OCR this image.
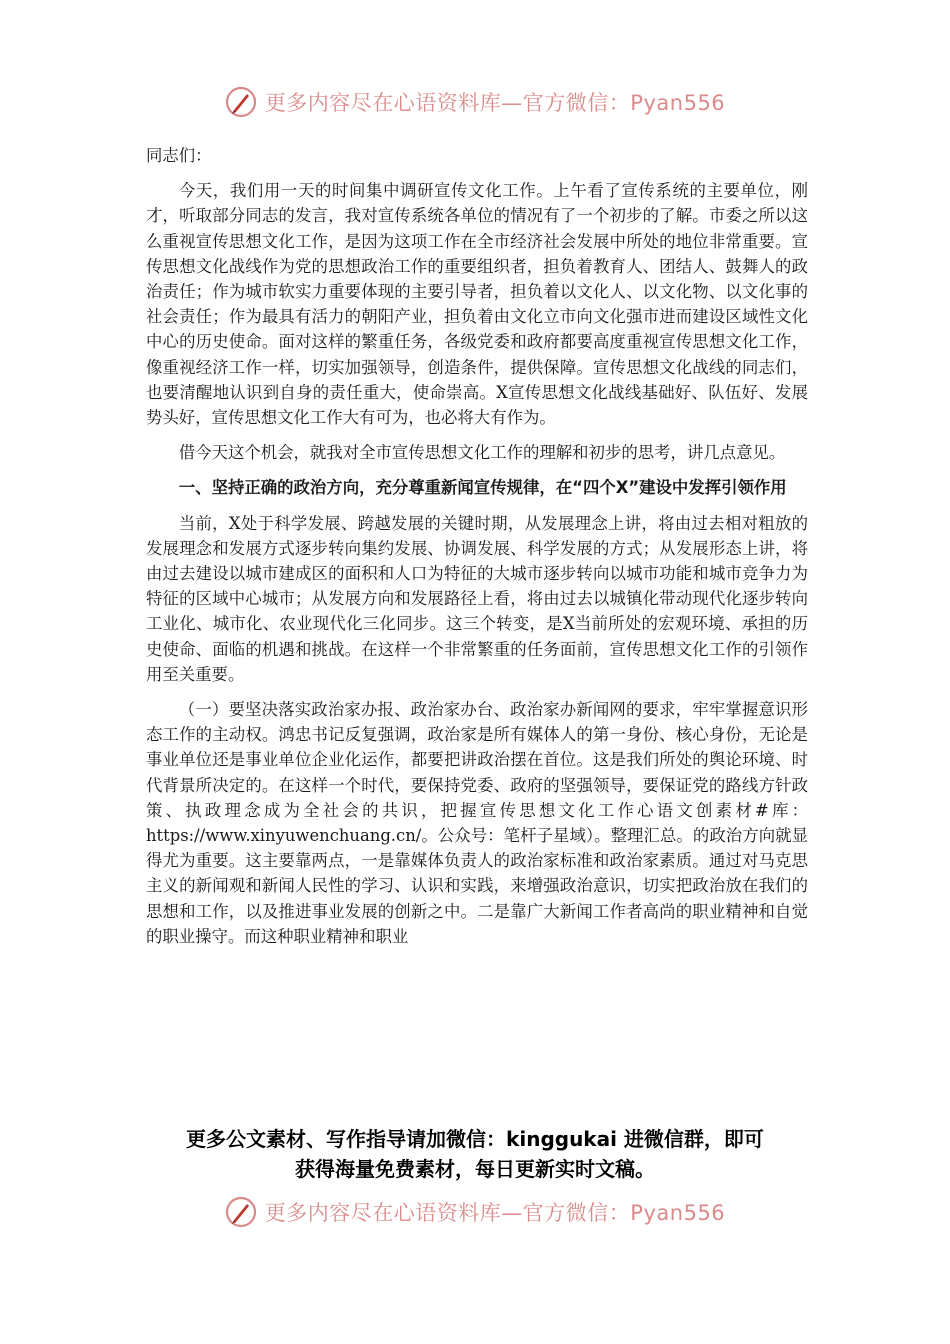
更多内容尽在心语资料库—官方微信：Pyan556

同志们：

今天，我们用一天的时间集中调研宣传文化工作。上午看了宣传系统的主要单位，刚才，听取部分同志的发言，我对宣传系统各单位的情况有了一个初步的了解。市委之所以这么重视宣传思想文化工作，是因为这项工作在全市经济社会发展中所处的地位非常重要。宣传思想文化战线作为党的思想政治工作的重要组织者，担负着教育人、团结人、鼓舞人的政治责任；作为城市软实力重要体现的主要引导者，担负着以文化人、以文化物、以文化事的社会责任；作为最具有活力的朝阳产业，担负着由文化立市向文化强市进而建设区域性文化中心的历史使命。面对这样的繁重任务，各级党委和政府都要高度重视宣传思想文化工作，像重视经济工作一样，切实加强领导，创造条件，提供保障。宣传思想文化战线的同志们，也要清醒地认识到自身的责任重大，使命崇高。X宣传思想文化战线基础好、队伍好、发展势头好，宣传思想文化工作大有可为，也必将大有作为。

借今天这个机会，就我对全市宣传思想文化工作的理解和初步的思考，讲几点意见。

一、坚持正确的政治方向，充分尊重新闻宣传规律，在“四个X”建设中发挥引领作用

当前，X处于科学发展、跨越发展的关键时期，从发展理念上讲，将由过去相对粗放的发展理念和发展方式逐步转向集约发展、协调发展、科学发展的方式；从发展形态上讲，将由过去建设以城市建成区的面积和人口为特征的大城市逐步转向以城市功能和城市竞争力为特征的区域中心城市；从发展方向和发展路径上看，将由过去以城镇化带动现代化逐步转向工业化、城市化、农业现代化三化同步。这三个转变，是X当前所处的宏观环境、承担的历史使命、面临的机遇和挑战。在这样一个非常繁重的任务面前，宣传思想文化工作的引领作用至关重要。

（一）要坚决落实政治家办报、政治家办台、政治家办新闻网的要求，牢牢掌握意识形态工作的主动权。鸿忠书记反复强调，政治家是所有媒体人的第一身份、核心身份，无论是事业单位还是事业单位企业化运作，都要把讲政治摆在首位。这是我们所处的舆论环境、时代背景所决定的。在这样一个时代，要保持党委、政府的坚强领导，要保证党的路线方针政策、执政理念成为全社会的共识，把握宣传思想文化工作心语文创素材#库：https://www.xinyuwenchuang.cn/。公众号：笔杆子星域）。整理汇总。的政治方向就显得尤为重要。这主要靠两点，一是靠媒体负责人的政治家标准和政治家素质。通过对马克思主义的新闻观和新闻人民性的学习、认识和实践，来增强政治意识，切实把政治放在我们的思想和工作，以及推进事业发展的创新之中。二是靠广大新闻工作者高尚的职业精神和自觉的职业操守。而这种职业精神和职业

更多公文素材、写作指导请加微信：kinggukai 进微信群，即可
获得海量免费素材，每日更新实时文稿。
更多内容尽在心语资料库—官方微信：Pyan556
